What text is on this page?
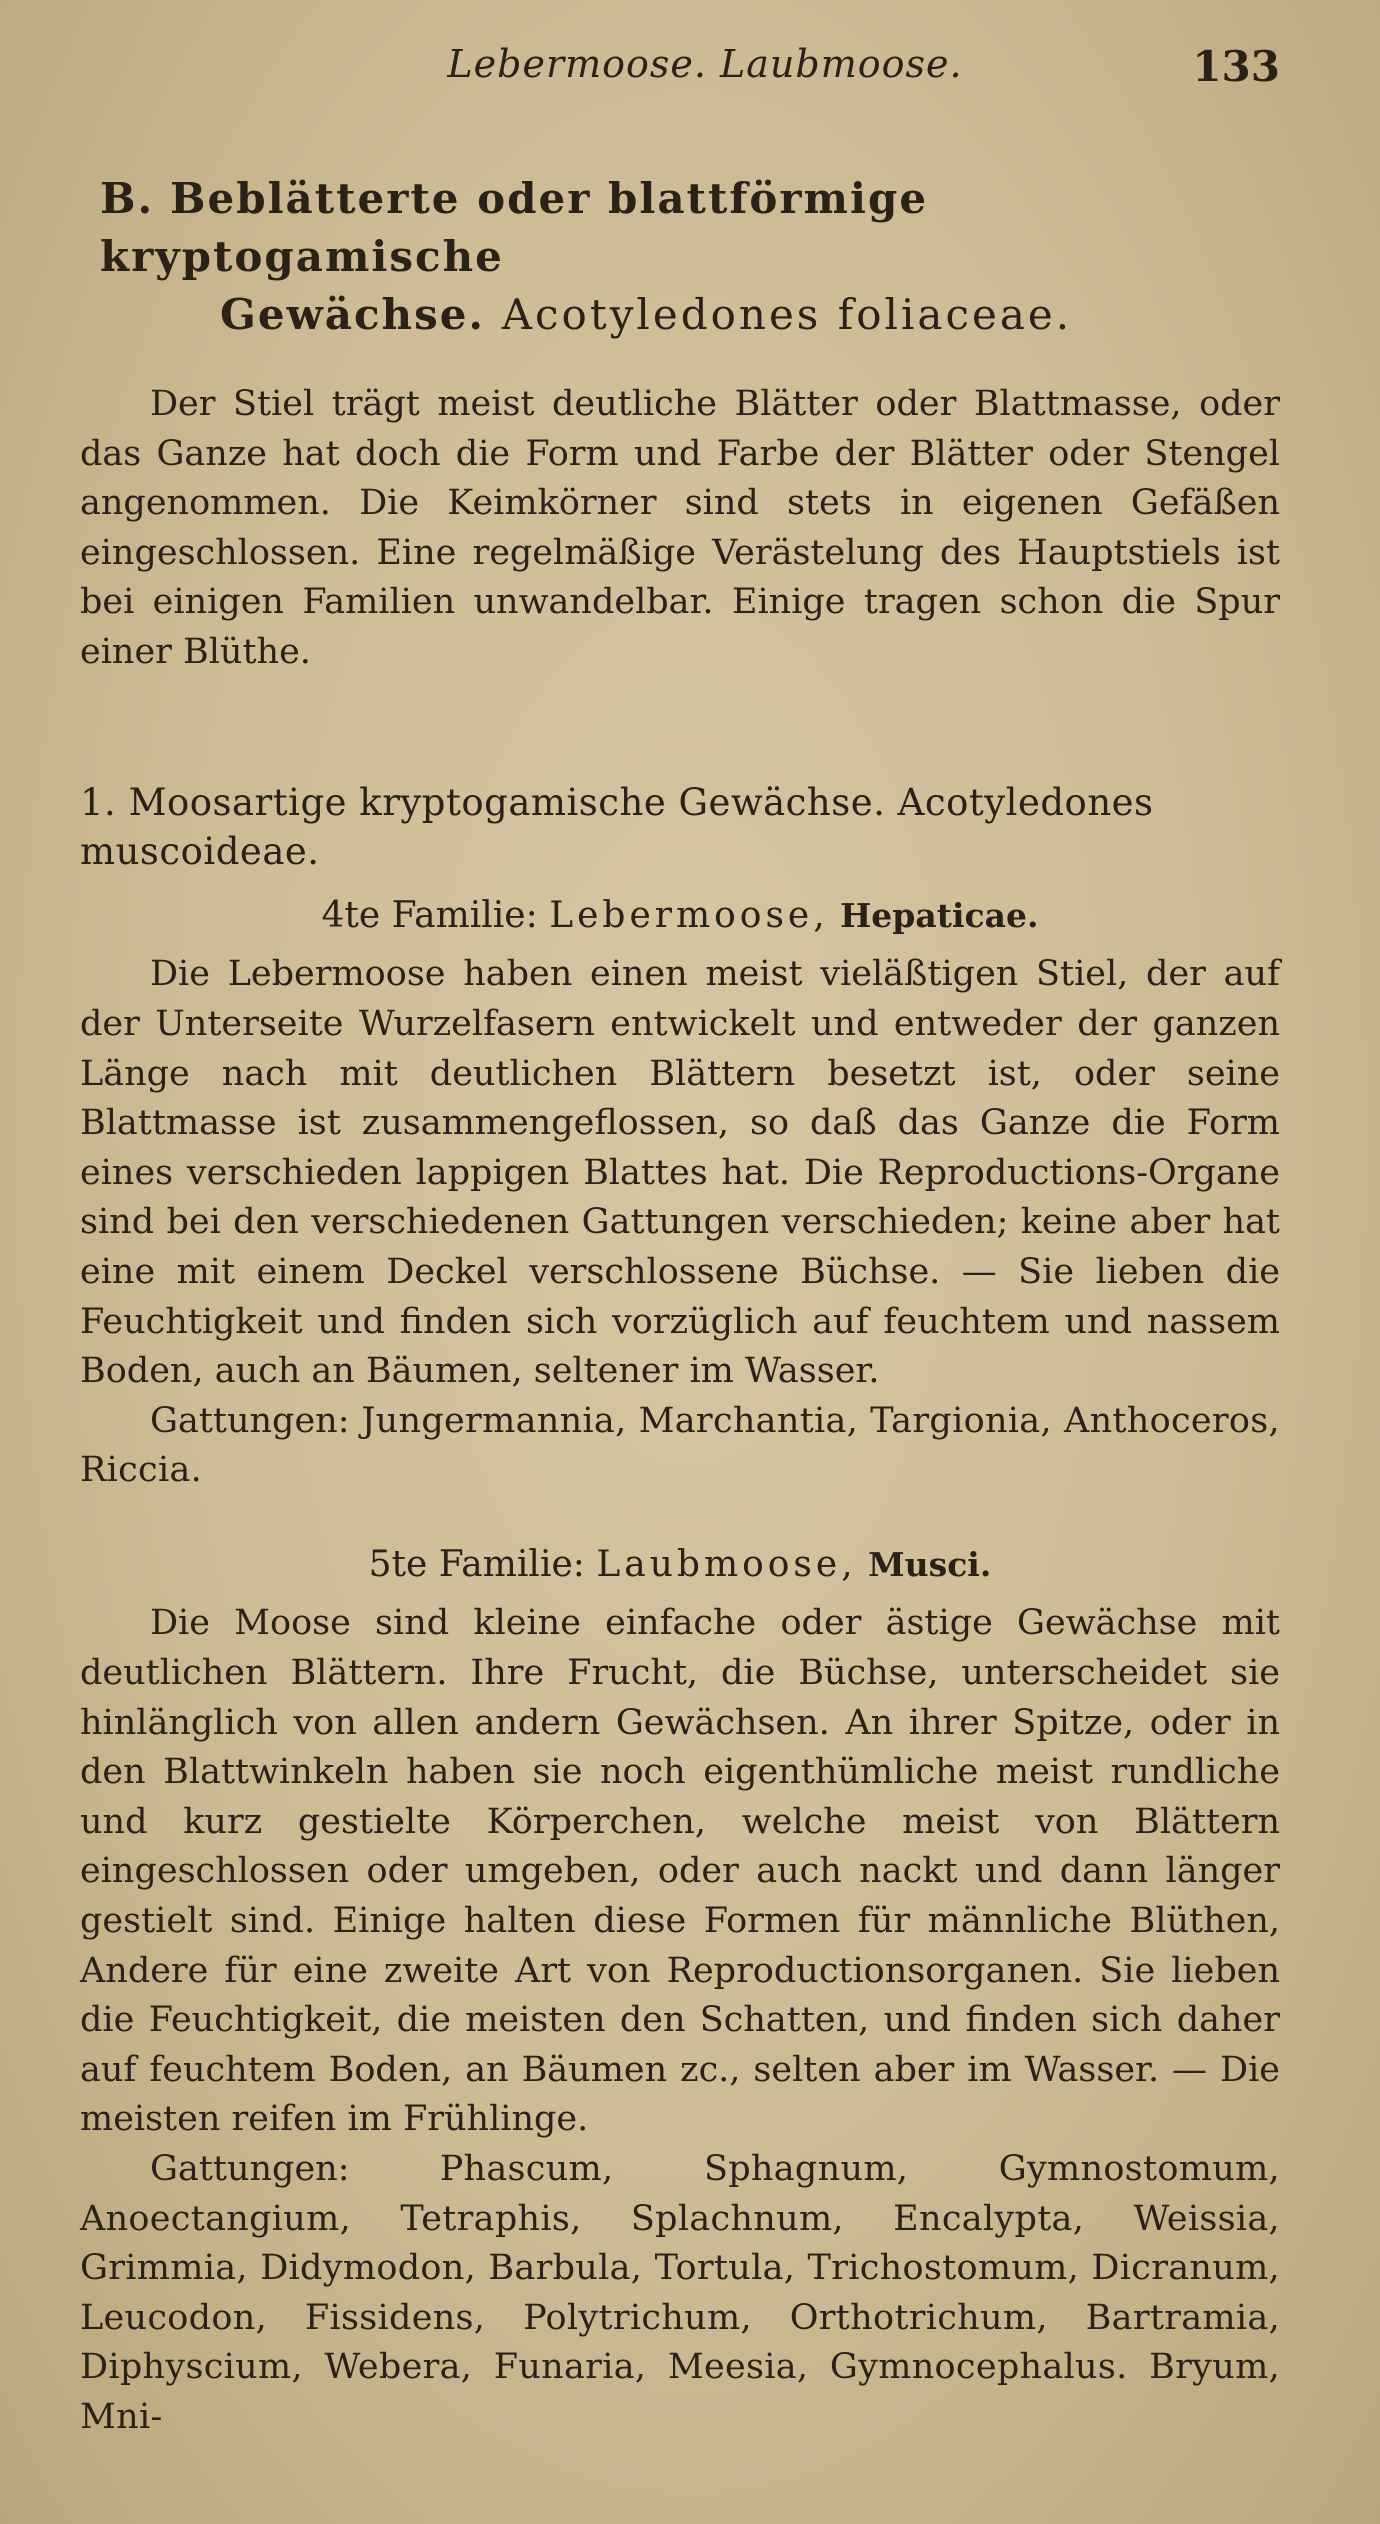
Lebermoose. Laubmoose.	133
B. Beblätterte oder blattförmige kryptogamische
Gewächse. Acotyledones foliaceae.

Der Stiel trägt meist deutliche Blätter oder Blattmasse, oder das Ganze hat doch die Form und Farbe der Blätter oder Stengel angenommen. Die Keimkörner sind stets in eigenen Gefäßen eingeschlossen. Eine regelmäßige Verästelung des Hauptstiels ist bei einigen Familien unwandelbar. Einige tragen schon die Spur einer Blüthe.

1. Moosartige kryptogamische Gewächse. Acotyledones muscoideae.
4te Familie: Lebermoose, Hepaticae.

Die Lebermoose haben einen meist vieläßtigen Stiel, der auf der Unterseite Wurzelfasern entwickelt und entweder der ganzen Länge nach mit deutlichen Blättern besetzt ist, oder seine Blattmasse ist zusammengeflossen, so daß das Ganze die Form eines verschieden lappigen Blattes hat. Die Reproductions-Organe sind bei den verschiedenen Gattungen verschieden; keine aber hat eine mit einem Deckel verschlossene Büchse. — Sie lieben die Feuchtigkeit und finden sich vorzüglich auf feuchtem und nassem Boden, auch an Bäumen, seltener im Wasser.

Gattungen: Jungermannia, Marchantia, Targionia, Anthoceros, Riccia.

5te Familie: Laubmoose, Musci.

Die Moose sind kleine einfache oder ästige Gewächse mit deutlichen Blättern. Ihre Frucht, die Büchse, unterscheidet sie hinlänglich von allen andern Gewächsen. An ihrer Spitze, oder in den Blattwinkeln haben sie noch eigenthümliche meist rundliche und kurz gestielte Körperchen, welche meist von Blättern eingeschlossen oder umgeben, oder auch nackt und dann länger gestielt sind. Einige halten diese Formen für männliche Blüthen, Andere für eine zweite Art von Reproductionsorganen. Sie lieben die Feuchtigkeit, die meisten den Schatten, und finden sich daher auf feuchtem Boden, an Bäumen zc., selten aber im Wasser. — Die meisten reifen im Frühlinge.

Gattungen:	Phascum, Sphagnum, Gymnostomum, Anoectangium, Tetraphis, Splachnum, Encalypta, Weissia, Grimmia, Didymodon, Barbula, Tortula, Trichostomum, Dicranum, Leucodon, Fissidens, Polytrichum, Orthotrichum, Bartramia, Diphyscium, Webera, Funaria, Meesia, Gymnocephalus. Bryum, Mni-
